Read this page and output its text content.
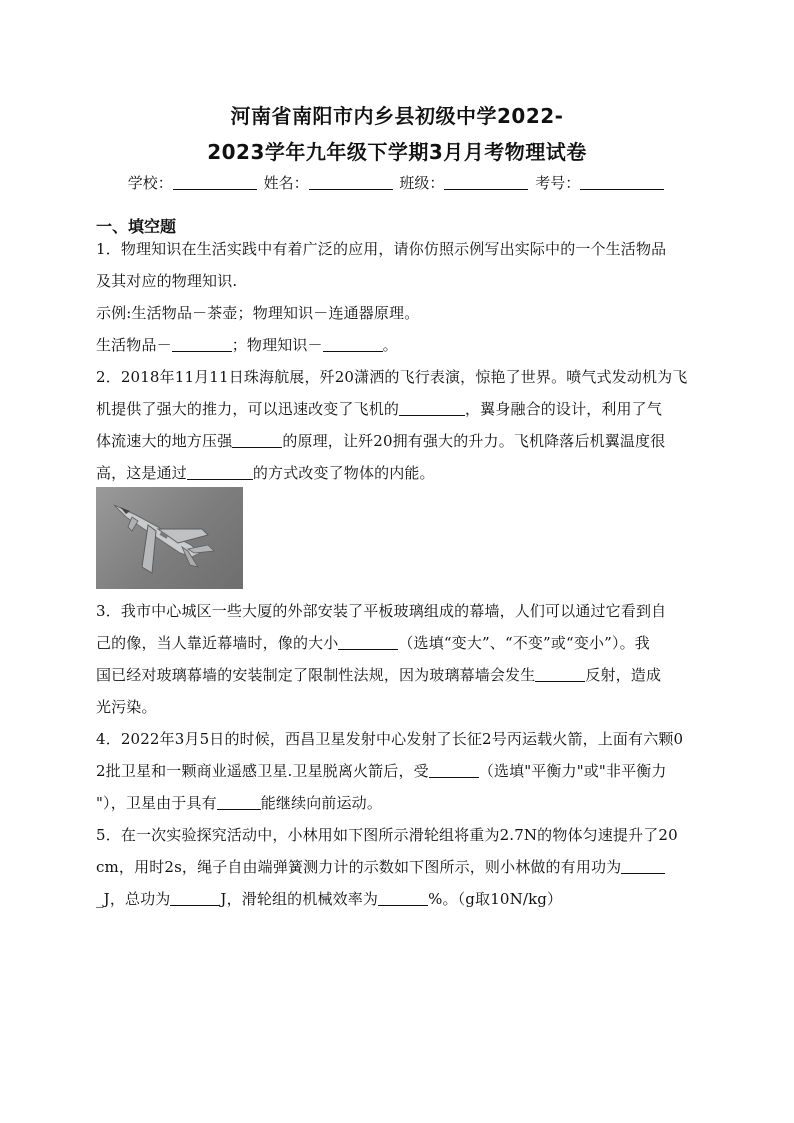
河南省南阳市内乡县初级中学2022-
2023学年九年级下学期3月月考物理试卷
学校：	姓名：	班级：	考号：
一、填空题
1．物理知识在生活实践中有着广泛的应用，请你仿照示例写出实际中的一个生活物品
及其对应的物理知识.
示例:生活物品－茶壶；物理知识－连通器原理。
生活物品－	；物理知识－	。
2．2018年11月11日珠海航展，歼20潇洒的飞行表演，惊艳了世界。喷气式发动机为飞
机提供了强大的推力，可以迅速改变了飞机的	，翼身融合的设计，利用了气
体流速大的地方压强	的原理，让歼20拥有强大的升力。飞机降落后机翼温度很
高，这是通过	的方式改变了物体的内能。
3．我市中心城区一些大厦的外部安装了平板玻璃组成的幕墙，人们可以通过它看到自
己的像，当人靠近幕墙时，像的大小	（选填“变大”、“不变”或“变小”）。我
国已经对玻璃幕墙的安装制定了限制性法规，因为玻璃幕墙会发生	反射，造成
光污染。
4．2022年3月5日的时候，西昌卫星发射中心发射了长征2号丙运载火箭，上面有六颗0
2批卫星和一颗商业遥感卫星.卫星脱离火箭后，受	（选填"平衡力"或"非平衡力
"），卫星由于具有	能继续向前运动。
5．在一次实验探究活动中，小林用如下图所示滑轮组将重为2.7N的物体匀速提升了20
cm，用时2s，绳子自由端弹簧测力计的示数如下图所示，则小林做的有用功为
_J，总功为	J，滑轮组的机械效率为	%。（g取10N/kg）
